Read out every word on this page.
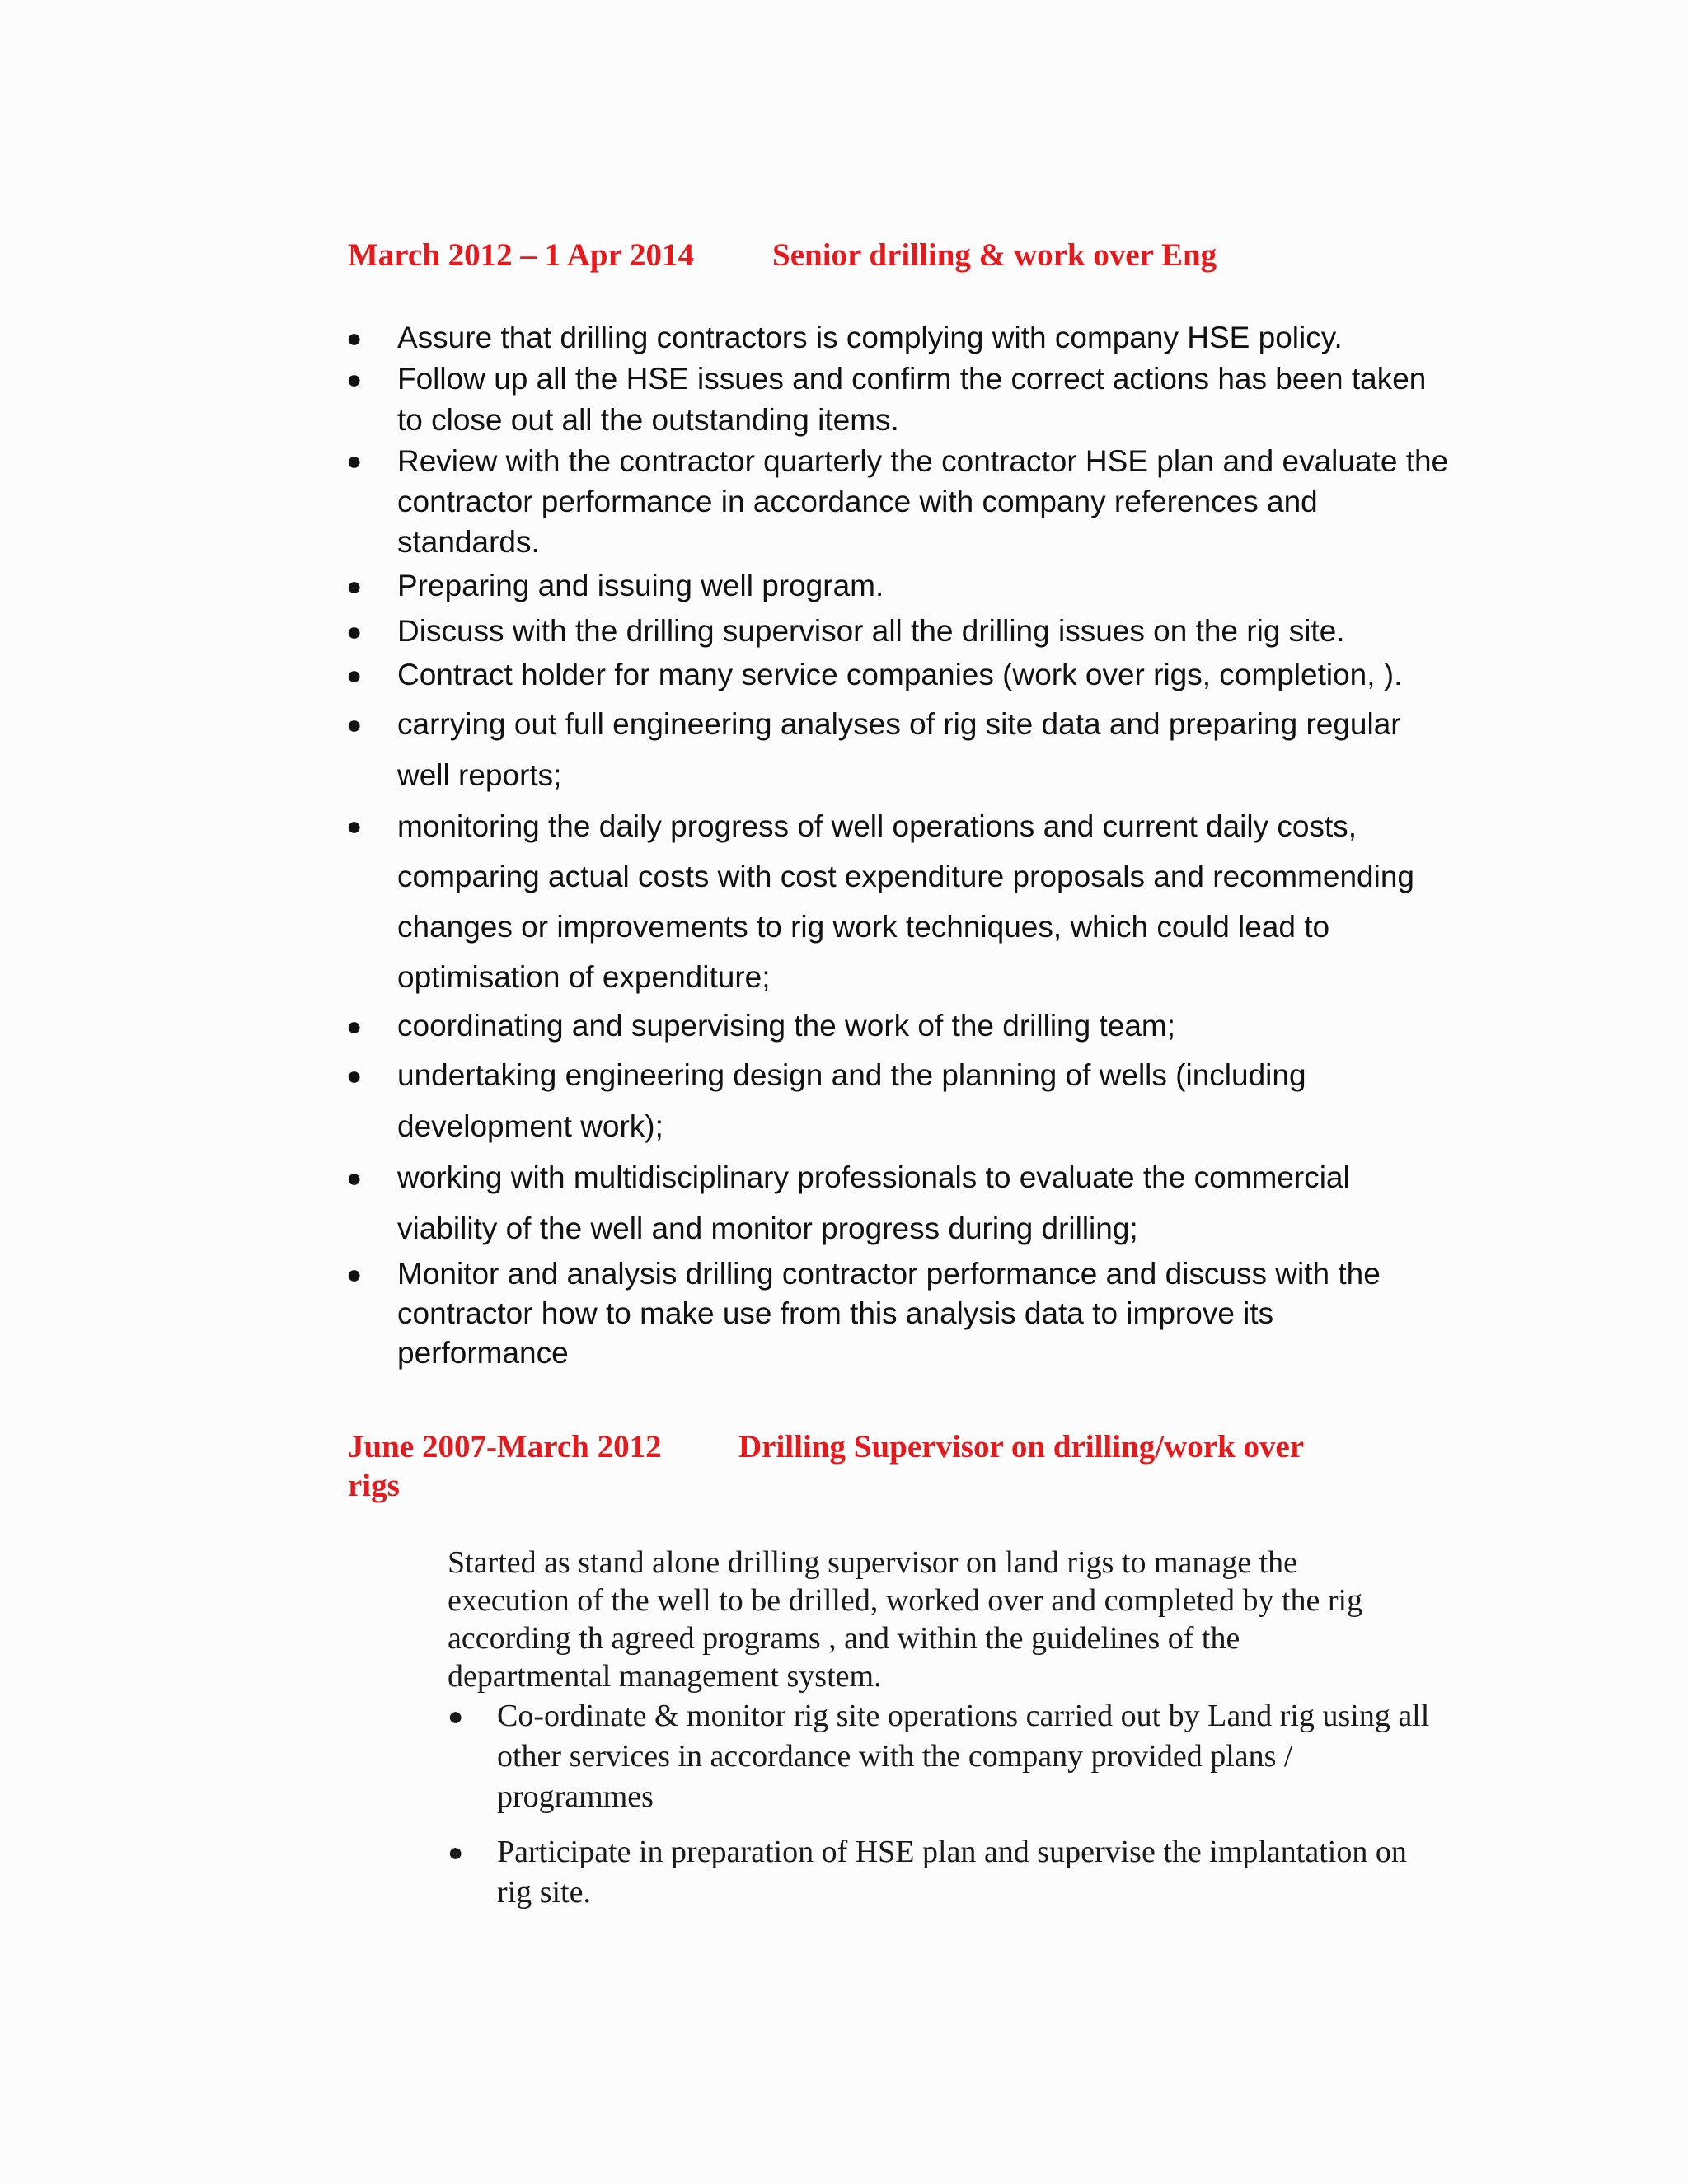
March 2012 – 1 Apr 2014 Senior drilling & work over Eng
●	Assure that drilling contractors is complying with company HSE policy.
●	Follow up all the HSE issues and confirm the correct actions has been taken to close out all the outstanding items.
●	Review with the contractor quarterly the contractor HSE plan and evaluate the contractor performance in accordance with company references and standards.
●	Preparing and issuing well program.
●	Discuss with the drilling supervisor all the drilling issues on the rig site.
●	Contract holder for many service companies (work over rigs, completion, ).
●	carrying out full engineering analyses of rig site data and preparing regular well reports;
●	monitoring the daily progress of well operations and current daily costs, comparing actual costs with cost expenditure proposals and recommending changes or improvements to rig work techniques, which could lead to optimisation of expenditure;
●	coordinating and supervising the work of the drilling team;
●	undertaking engineering design and the planning of wells (including development work);
●	working with multidisciplinary professionals to evaluate the commercial viability of the well and monitor progress during drilling;
●	Monitor and analysis drilling contractor performance and discuss with the contractor how to make use from this analysis data to improve its performance
June 2007-March 2012 Drilling Supervisor on drilling/work over
rigs
Started as stand alone drilling supervisor on land rigs to manage the execution of the well to be drilled, worked over and completed by the rig according th agreed programs , and within the guidelines of the departmental management system.
●	Co-ordinate & monitor rig site operations carried out by Land rig using all other services in accordance with the company provided plans / programmes
●	Participate in preparation of HSE plan and supervise the implantation on rig site.
